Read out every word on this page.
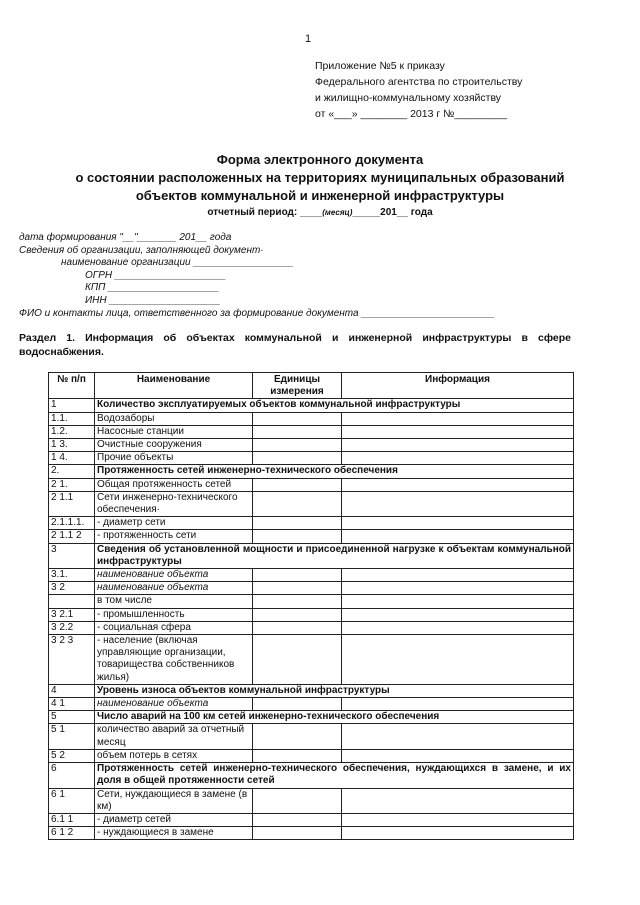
1
Приложение №5 к приказу
Федерального агентства по строительству
и жилищно-коммунальному хозяйству
от «___» ________ 2013 г №_________
Форма электронного документа
о состоянии расположенных на территориях муниципальных образований
объектов коммунальной и инженерной инфраструктуры
отчетный период: ____(месяц)_____201__ года
дата формирования "__"_______ 201__ года
Сведения об организации, заполняющей документ·
наименование организации __________________
ОГРН ____________________
КПП ____________________
ИНН ____________________
ФИО и контакты лица, ответственного за формирование документа ________________________
Раздел 1. Информация об объектах коммунальной и инженерной инфраструктуры в сфере водоснабжения.
№ п/п	Наименование	Единицы измерения	Информация
1	Количество эксплуатируемых объектов коммунальной инфраструктуры		
1.1.	Водозаборы		
1.2.	Насосные станции		
1 3.	Очистные сооружения		
1 4.	Прочие объекты		
2.	Протяженность сетей инженерно-технического обеспечения		
2 1.	Общая протяженность сетей		
2 1.1	Сети инженерно-технического обеспечения·		
2.1.1.1.	- диаметр сети		
2 1.1 2	- протяженность сети		
3	Сведения об установленной мощности и присоединенной нагрузке к объектам коммунальной инфраструктуры		
3.1.	наименование объекта		
3 2	наименование объекта		
	в том числе		
3 2.1	- промышленность		
3 2.2	- социальная сфера		
3 2 3	- население (включая управляющие организации, товарищества собственников жилья)		
4	Уровень износа объектов коммунальной инфраструктуры		
4 1	наименование объекта		
5	Число аварий на 100 км сетей инженерно-технического обеспечения		
5 1	количество аварий за отчетный месяц		
5 2	объем потерь в сетях		
6	Протяженность сетей инженерно-технического обеспечения, нуждающихся в замене, и их доля в общей протяженности сетей		
6 1	Сети, нуждающиеся в замене (в км)		
6.1 1	- диаметр сетей		
6 1 2	- нуждающиеся в замене		
